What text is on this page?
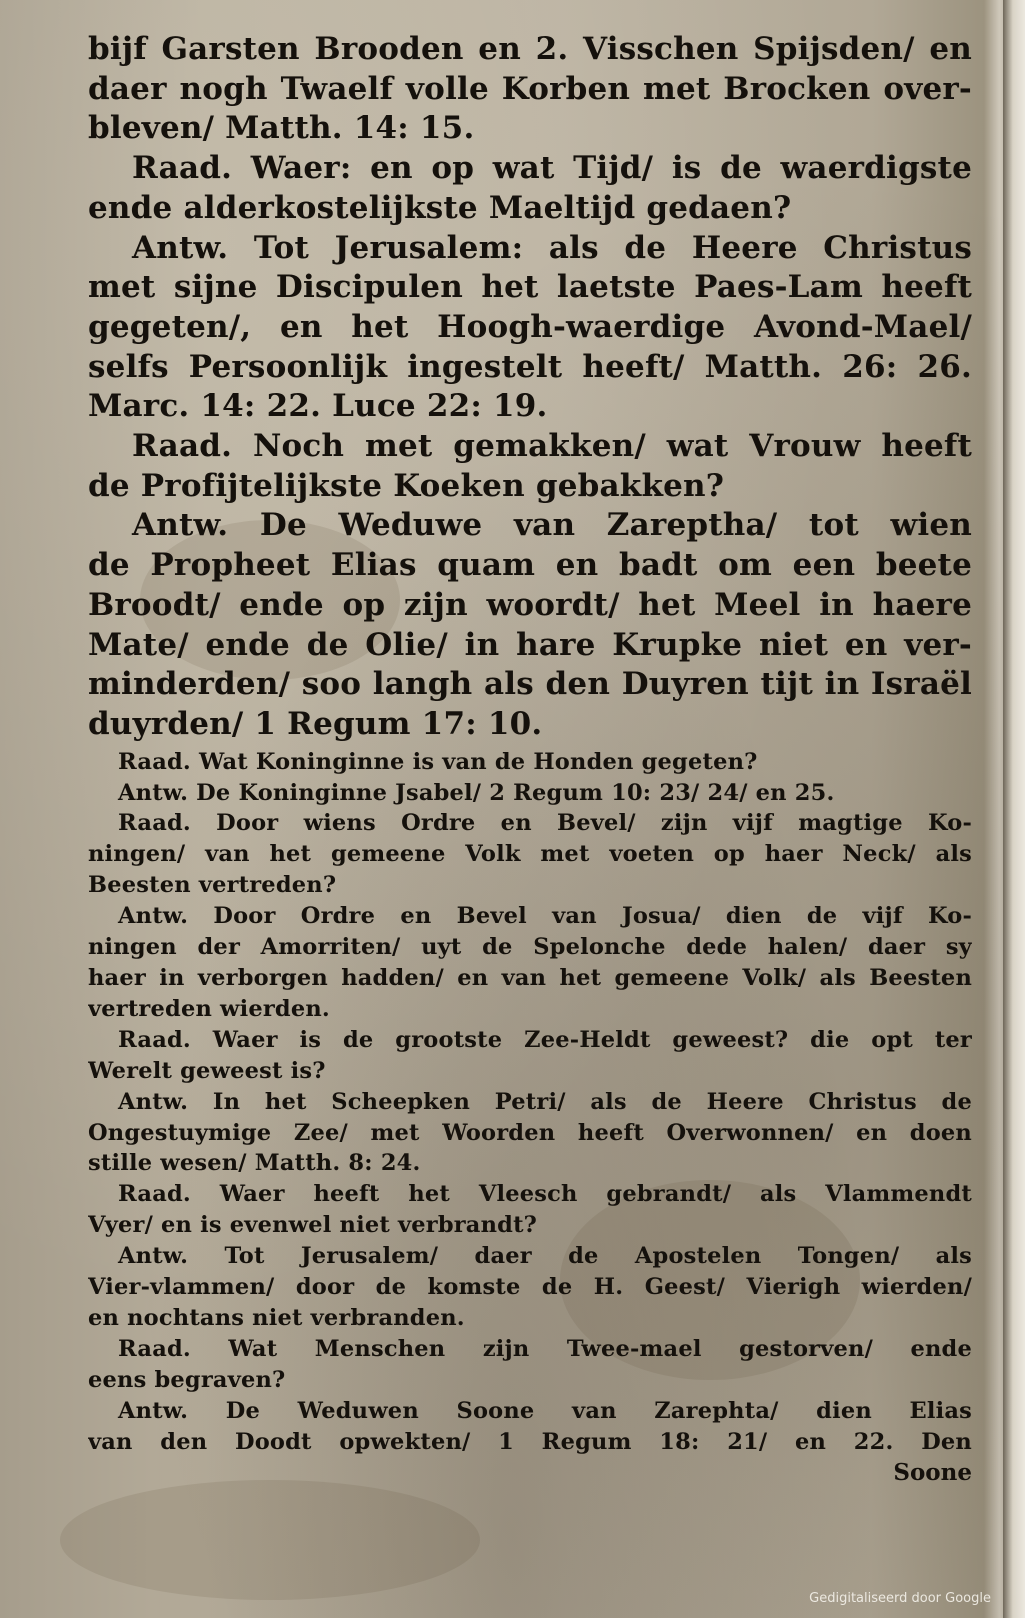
bijf Garsten Brooden en 2. Visschen Spijsden/ en
daer nogh Twaelf volle Korben met Brocken over-
bleven/ Matth. 14: 15.
Raad. Waer: en op wat Tijd/ is de waerdigste
ende alderkostelijkste Maeltijd gedaen?
Antw. Tot Jerusalem: als de Heere Christus
met sijne Discipulen het laetste Paes-Lam heeft
gegeten/, en het Hoogh-waerdige Avond-Mael/
selfs Persoonlijk ingestelt heeft/ Matth. 26: 26.
Marc. 14: 22. Luce 22: 19.
Raad. Noch met gemakken/ wat Vrouw heeft
de Profijtelijkste Koeken gebakken?
Antw. De Weduwe van Zareptha/ tot wien
de Propheet Elias quam en badt om een beete
Broodt/ ende op zijn woordt/ het Meel in haere
Mate/ ende de Olie/ in hare Krupke niet en ver-
minderden/ soo langh als den Duyren tijt in Israël
duyrden/ 1 Regum 17: 10.
Raad. Wat Koninginne is van de Honden gegeten?
Antw. De Koninginne Jsabel/ 2 Regum 10: 23/ 24/ en 25.
Raad. Door wiens Ordre en Bevel/ zijn vijf magtige Ko-
ningen/ van het gemeene Volk met voeten op haer Neck/ als
Beesten vertreden?
Antw. Door Ordre en Bevel van Josua/ dien de vijf Ko-
ningen der Amorriten/ uyt de Spelonche dede halen/ daer sy
haer in verborgen hadden/ en van het gemeene Volk/ als Beesten
vertreden wierden.
Raad. Waer is de grootste Zee-Heldt geweest? die opt ter
Werelt geweest is?
Antw. In het Scheepken Petri/ als de Heere Christus de
Ongestuymige Zee/ met Woorden heeft Overwonnen/ en doen
stille wesen/ Matth. 8: 24.
Raad. Waer heeft het Vleesch gebrandt/ als Vlammendt
Vyer/ en is evenwel niet verbrandt?
Antw. Tot Jerusalem/ daer de Apostelen Tongen/ als
Vier-vlammen/ door de komste de H. Geest/ Vierigh wierden/
en nochtans niet verbranden.
Raad. Wat Menschen zijn Twee-mael gestorven/ ende
eens begraven?
Antw. De Weduwen Soone van Zarephta/ dien Elias
van den Doodt opwekten/ 1 Regum 18: 21/ en 22. Den
Soone
Gedigitaliseerd door Google
